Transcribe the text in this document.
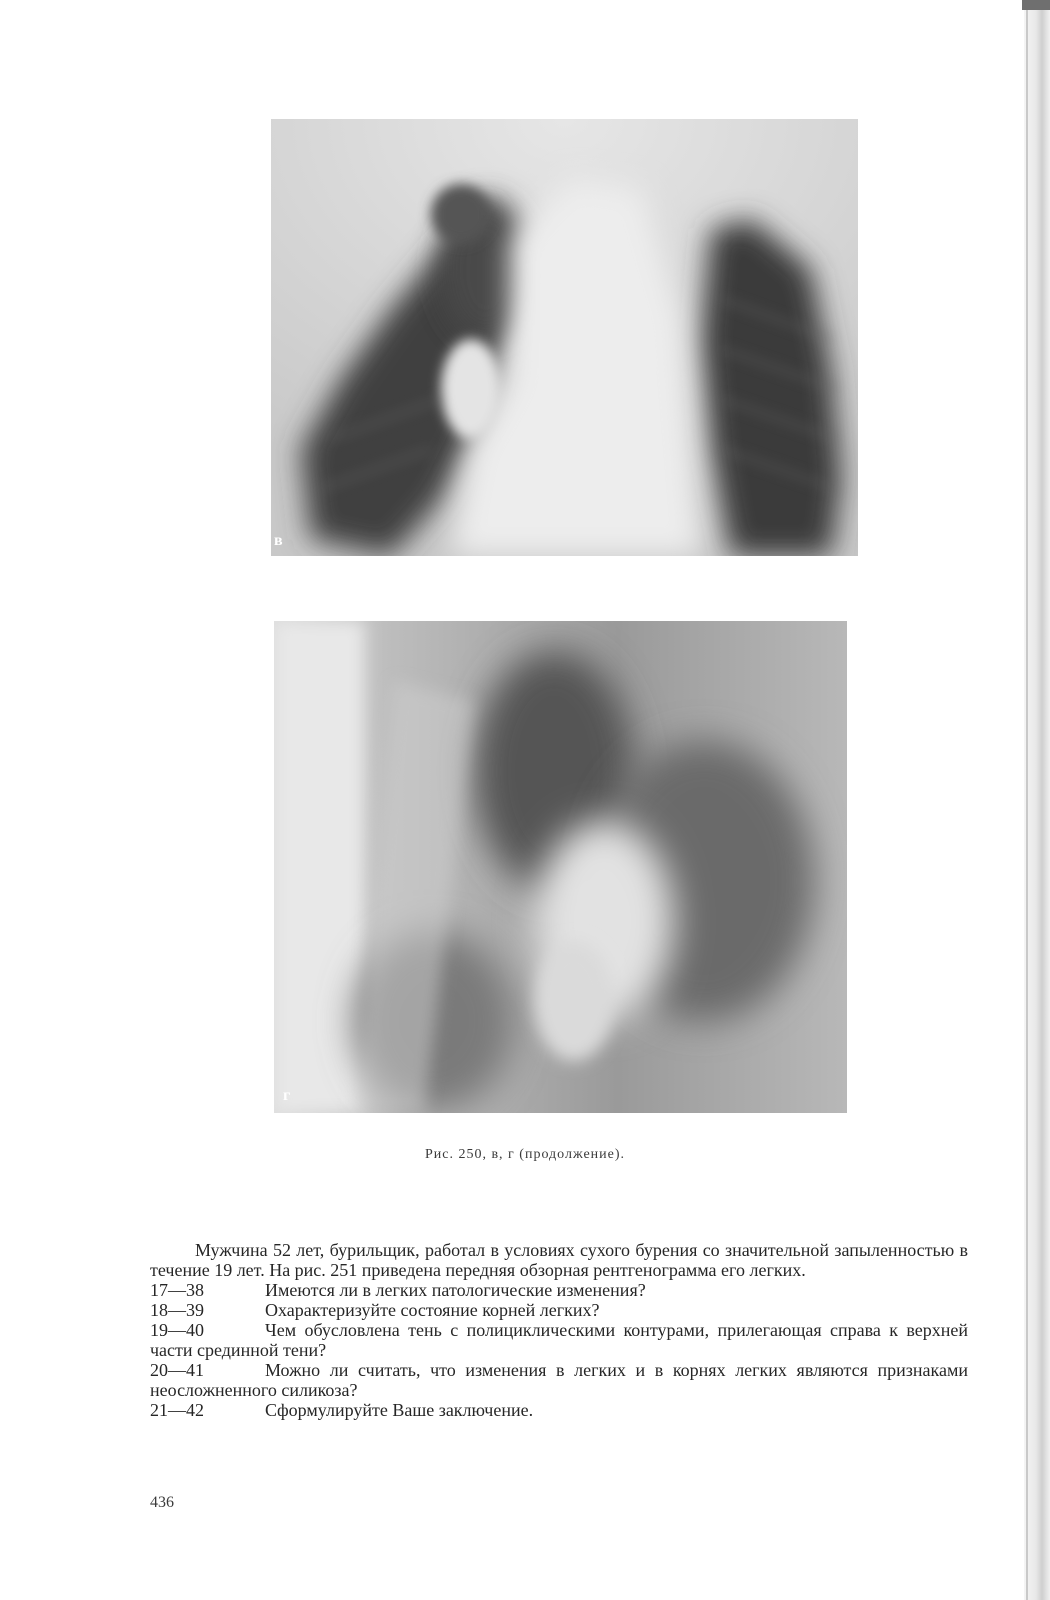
в
г
Рис. 250, в, г (продолжение).

Мужчина 52 лет, бурильщик, работал в условиях сухого бурения со значительной запыленностью в течение 19 лет. На рис. 251 приведена передняя обзорная рентгенограмма его легких.

17—38	Имеются ли в легких патологические изменения?

18—39	Охарактеризуйте состояние корней легких?

19—40	Чем обусловлена тень с полициклическими контурами, прилегающая справа к верхней части срединной тени?

20—41	Можно ли считать, что изменения в легких и в корнях легких являются признаками неосложненного силикоза?

21—42	Сформулируйте Ваше заключение.

436
